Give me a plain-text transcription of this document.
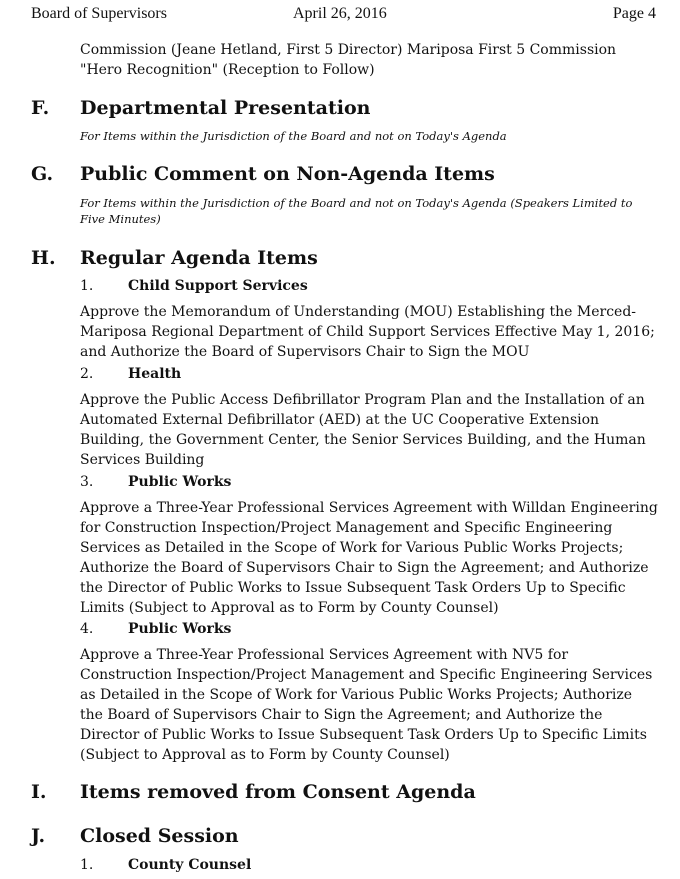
Board of Supervisors	April 26, 2016	Page 4
Commission (Jeane Hetland, First 5 Director) Mariposa First 5 Commission
"Hero Recognition" (Reception to Follow)
F. Departmental Presentation
For Items within the Jurisdiction of the Board and not on Today's Agenda
G. Public Comment on Non-Agenda Items
For Items within the Jurisdiction of the Board and not on Today's Agenda (Speakers Limited to
Five Minutes)
H. Regular Agenda Items
1. Child Support Services
Approve the Memorandum of Understanding (MOU) Establishing the Merced-
Mariposa Regional Department of Child Support Services Effective May 1, 2016;
and Authorize the Board of Supervisors Chair to Sign the MOU
2. Health
Approve the Public Access Defibrillator Program Plan and the Installation of an
Automated External Defibrillator (AED) at the UC Cooperative Extension
Building, the Government Center, the Senior Services Building, and the Human
Services Building
3. Public Works
Approve a Three-Year Professional Services Agreement with Willdan Engineering
for Construction Inspection/Project Management and Specific Engineering
Services as Detailed in the Scope of Work for Various Public Works Projects;
Authorize the Board of Supervisors Chair to Sign the Agreement; and Authorize
the Director of Public Works to Issue Subsequent Task Orders Up to Specific
Limits (Subject to Approval as to Form by County Counsel)
4. Public Works
Approve a Three-Year Professional Services Agreement with NV5 for
Construction Inspection/Project Management and Specific Engineering Services
as Detailed in the Scope of Work for Various Public Works Projects; Authorize
the Board of Supervisors Chair to Sign the Agreement; and Authorize the
Director of Public Works to Issue Subsequent Task Orders Up to Specific Limits
(Subject to Approval as to Form by County Counsel)
I. Items removed from Consent Agenda
J. Closed Session
1. County Counsel
